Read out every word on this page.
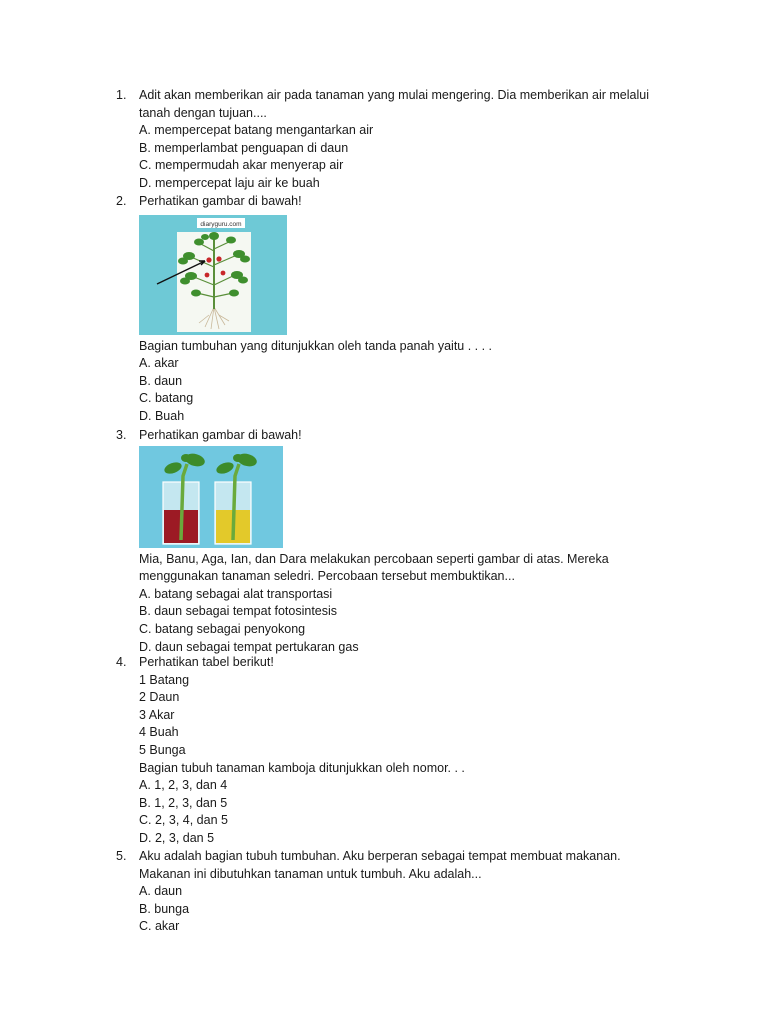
1.	Adit akan memberikan air pada tanaman yang mulai mengering. Dia memberikan air melalui
tanah dengan tujuan....
A. mempercepat batang mengantarkan air
B. memperlambat penguapan di daun
C. mempermudah akar menyerap air
D. mempercepat laju air ke buah
2.	Perhatikan gambar di bawah!
diaryguru.com
Bagian tumbuhan yang ditunjukkan oleh tanda panah yaitu . . . .
A. akar
B. daun
C. batang
D. Buah
3.	Perhatikan gambar di bawah!
Mia, Banu, Aga, Ian, dan Dara melakukan percobaan seperti gambar di atas. Mereka
menggunakan tanaman seledri. Percobaan tersebut membuktikan...
A. batang sebagai alat transportasi
B. daun sebagai tempat fotosintesis
C. batang sebagai penyokong
D. daun sebagai tempat pertukaran gas
4.	Perhatikan tabel berikut!
1 Batang
2 Daun
3 Akar
4 Buah
5 Bunga
Bagian tubuh tanaman kamboja ditunjukkan oleh nomor. . .
A. 1, 2, 3, dan 4
B. 1, 2, 3, dan 5
C. 2, 3, 4, dan 5
D. 2, 3, dan 5
5.	Aku adalah bagian tubuh tumbuhan. Aku berperan sebagai tempat membuat makanan.
Makanan ini dibutuhkan tanaman untuk tumbuh. Aku adalah...
A. daun
B. bunga
C. akar
